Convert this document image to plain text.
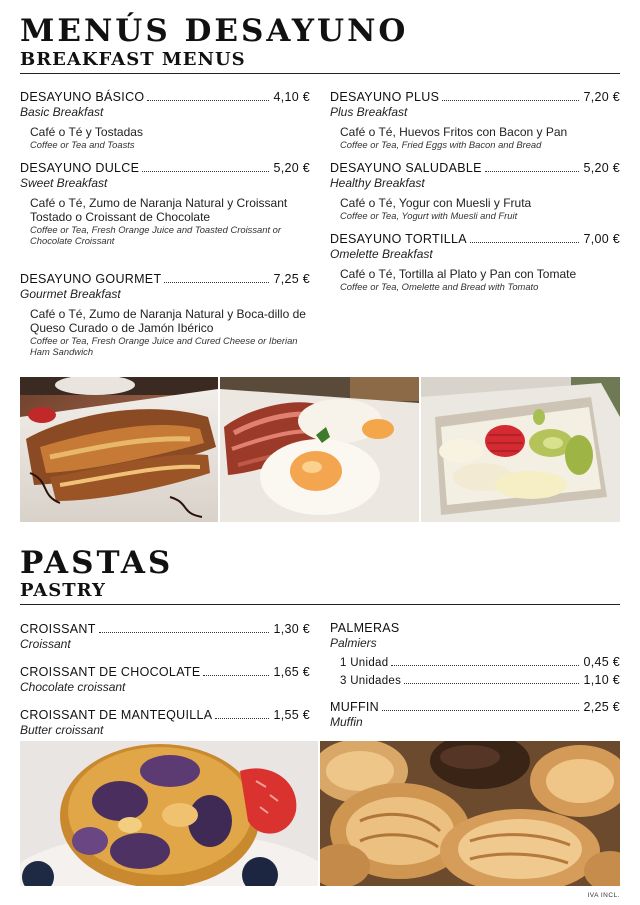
MENÚS DESAYUNO
BREAKFAST MENUS
DESAYUNO BÁSICO	4,10 €
Basic Breakfast
Café o Té y Tostadas
Coffee or Tea and Toasts
DESAYUNO DULCE	5,20 €
Sweet Breakfast
Café o Té, Zumo de Naranja Natural y Croissant Tostado o Croissant de Chocolate
Coffee or Tea, Fresh Orange Juice and Toasted Croissant or Chocolate Croissant
DESAYUNO GOURMET	7,25 €
Gourmet Breakfast
Café o Té, Zumo de Naranja Natural y Boca-dillo de Queso Curado o de Jamón Ibérico
Coffee or Tea, Fresh Orange Juice and Cured Cheese or Iberian Ham Sandwich
DESAYUNO PLUS	7,20 €
Plus Breakfast
Café o Té, Huevos Fritos con Bacon y Pan
Coffee or Tea, Fried Eggs with Bacon and Bread
DESAYUNO SALUDABLE	5,20 €
Healthy Breakfast
Café o Té, Yogur con Muesli y Fruta
Coffee or Tea, Yogurt with Muesli and Fruit
DESAYUNO TORTILLA	7,00 €
Omelette Breakfast
Café o Té, Tortilla al Plato y Pan con Tomate
Coffee or Tea, Omelette and Bread with Tomato
PASTAS
PASTRY
CROISSANT	1,30 €
Croissant
CROISSANT DE CHOCOLATE	1,65 €
Chocolate croissant
CROISSANT DE MANTEQUILLA	1,55 €
Butter croissant
PALMERAS
Palmiers
1 Unidad	0,45 €
3 Unidades	1,10 €
MUFFIN	2,25 €
Muffin
IVA INCL.
